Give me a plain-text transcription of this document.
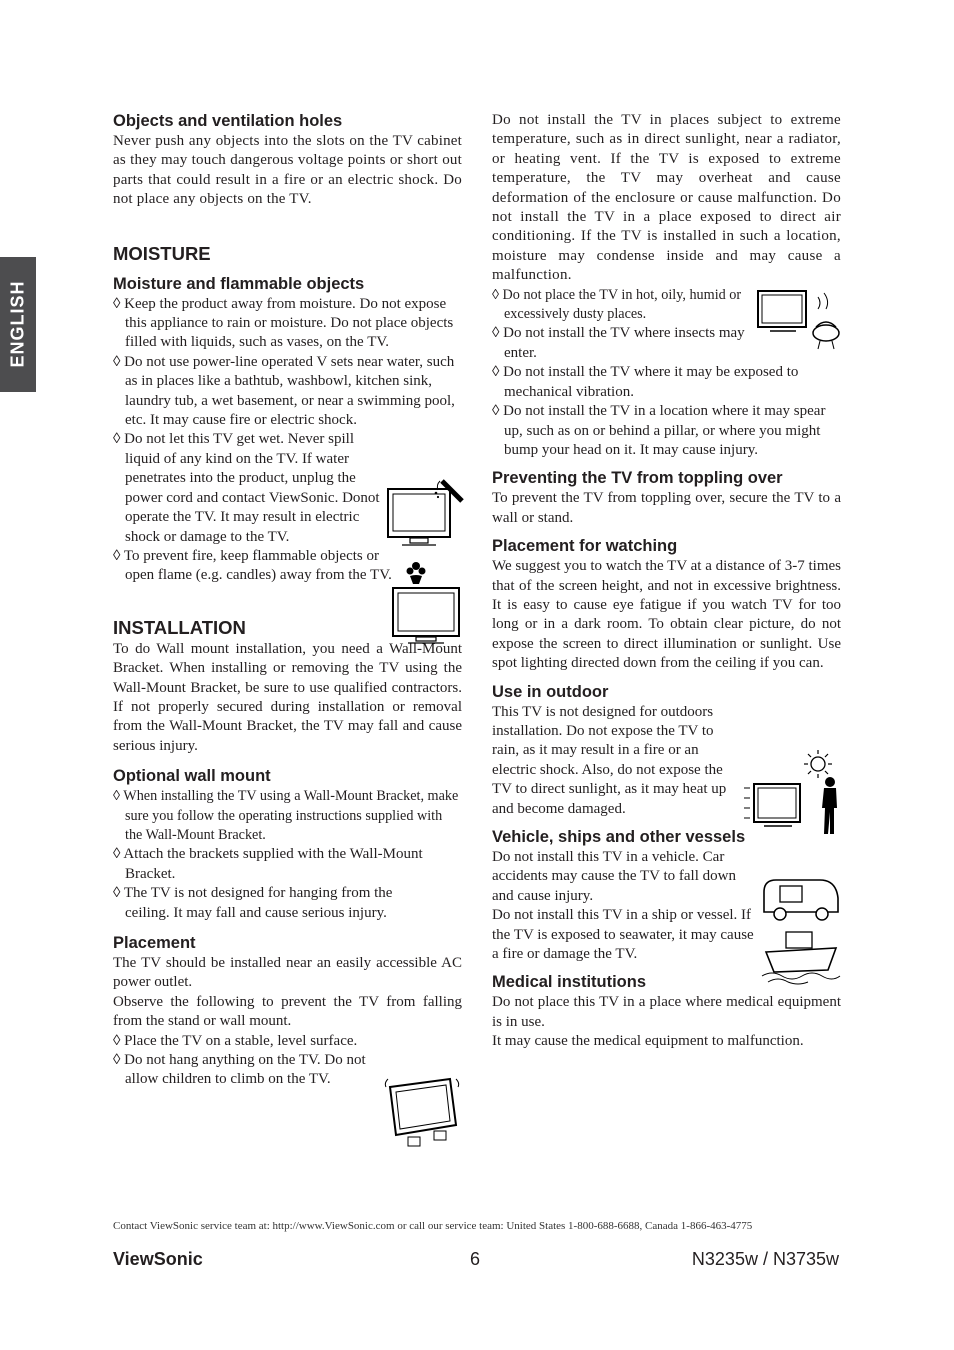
ENGLISH
Objects and ventilation holes

Never push any objects into the slots on the TV cabinet as they may touch dangerous voltage points or short out parts that could result in a fire or an electric shock. Do not place any objects on the TV.

MOISTURE
Moisture and flammable objects
◊ Keep the product away from moisture. Do not expose this appliance to rain or moisture. Do not place objects filled with liquids, such as vases, on the TV.
◊ Do not use power-line operated V sets near water, such as in places like a bathtub, washbowl, kitchen sink, laundry tub, a wet basement, or near a swimming pool, etc. It may cause fire or electric shock.
◊ Do not let this TV get wet. Never spill liquid of any kind on the TV. If water penetrates into the product, unplug the power cord and contact ViewSonic. Donot operate the TV. It may result in electric shock or damage to the TV.
◊ To prevent fire, keep flammable objects or open flame (e.g. candles) away from the TV.
INSTALLATION

To do Wall mount installation, you need a Wall-Mount Bracket. When installing or removing the TV using the Wall-Mount Bracket, be sure to use qualified contractors. If not properly secured during installation or removal from the Wall-Mount Bracket, the TV may fall and cause serious injury.

Optional wall mount
◊ When installing the TV using a Wall-Mount Bracket, make sure you follow the operating instructions supplied with the Wall-Mount Bracket.
◊ Attach the brackets supplied with the Wall-Mount Bracket.
◊ The TV is not designed for hanging from the ceiling. It may fall and cause serious injury.
Placement

The TV should be installed near an easily accessible AC power outlet.

Observe the following to prevent the TV from falling from the stand or wall mount.

◊ Place the TV on a stable, level surface.
◊ Do not hang anything on the TV. Do not allow children to climb on the TV.

Do not install the TV in places subject to extreme temperature, such as in direct sunlight, near a radiator, or heating vent. If the TV is exposed to extreme temperature, the TV may overheat and cause deformation of the enclosure or cause malfunction. Do not install the TV in a place exposed to direct air conditioning. If the TV is installed in such a location, moisture may condense inside and may cause a malfunction.

◊ Do not place the TV in hot, oily, humid or excessively dusty places.
◊ Do not install the TV where insects may enter.
◊ Do not install the TV where it may be exposed to mechanical vibration.
◊ Do not install the TV in a location where it may spear up, such as on or behind a pillar, or where you might bump your head on it. It may cause injury.
Preventing the TV from toppling over

To prevent the TV from toppling over, secure the TV to a wall or stand.

Placement for watching

We suggest you to watch the TV at a distance of 3-7 times that of the screen height, and not in excessive brightness. It is easy to cause eye fatigue if you watch TV for too long or in a dark room. To obtain clear picture, do not expose the screen to direct illumination or sunlight. Use spot lighting directed down from the ceiling if you can.

Use in outdoor

This TV is not designed for outdoors installation. Do not expose the TV to rain, as it may result in a fire or an electric shock. Also, do not expose the TV to direct sunlight, as it may heat up and become damaged.

Vehicle, ships and other vessels

Do not install this TV in a vehicle. Car accidents may cause the TV to fall down and cause injury.

Do not install this TV in a ship or vessel. If the TV is exposed to seawater, it may cause a fire or damage the TV.

Medical institutions

Do not place this TV in a place where medical equipment is in use.

It may cause the medical equipment to malfunction.

Contact ViewSonic service team at: http://www.ViewSonic.com or call our service team: United States 1-800-688-6688, Canada 1-866-463-4775
ViewSonic	6	N3235w / N3735w
